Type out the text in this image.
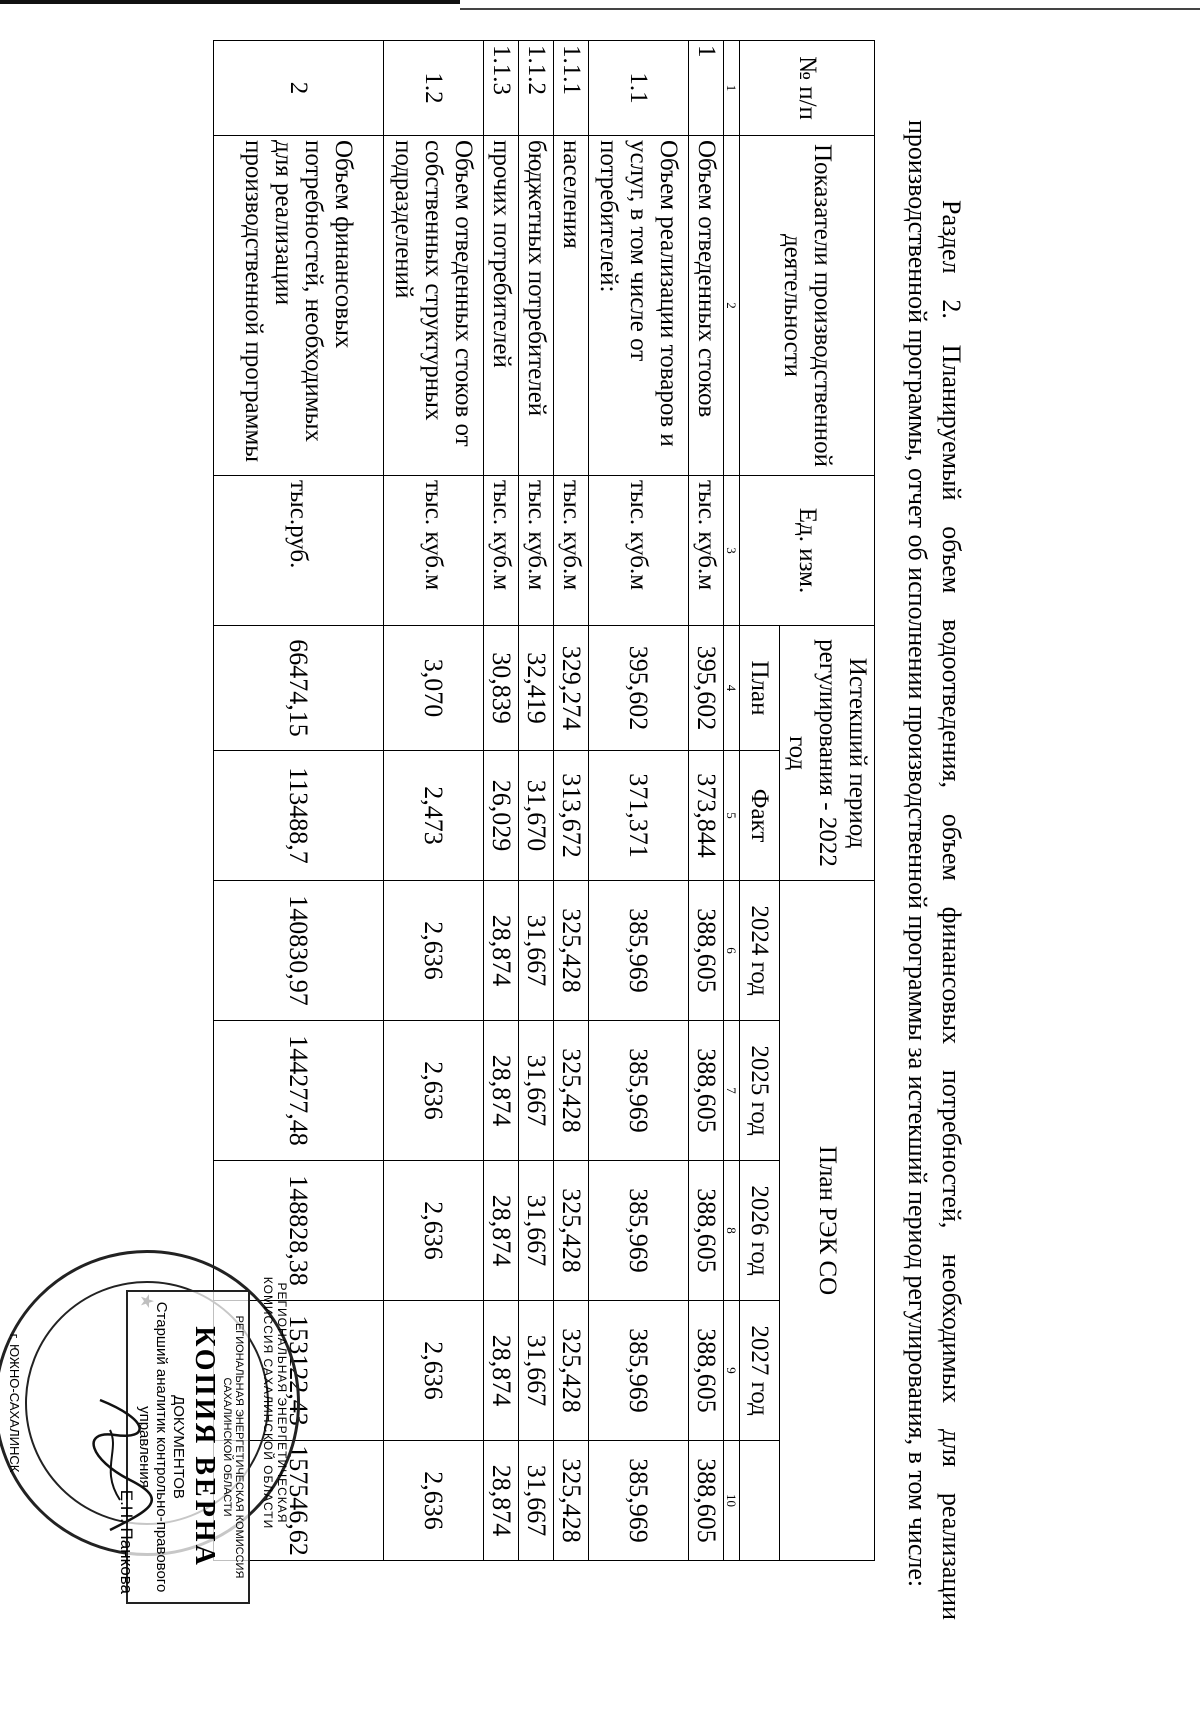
Раздел 2. Планируемый объем водоотведения, объем финансовых потребностей, необходимых для реализации производственной программы, отчет об исполнении производственной программы за истекший период регулирования, в том числе:
№ п/п	Показатели производственной деятельности	Ед. изм.	Истекший период регулирования - 2022 год		План РЭК СО				
			План	Факт	2024 год	2025 год	2026 год	2027 год	
1	2	3	4	5	6	7	8	9	10
1	Объем отведенных стоков	тыс. куб.м	395,602	373,844	388,605	388,605	388,605	388,605	388,605
1.1	Объем реализации товаров и услуг, в том числе от потребителей:	тыс. куб.м	395,602	371,371	385,969	385,969	385,969	385,969	385,969
1.1.1	населения	тыс. куб.м	329,274	313,672	325,428	325,428	325,428	325,428	325,428
1.1.2	бюджетных потребителей	тыс. куб.м	32,419	31,670	31,667	31,667	31,667	31,667	31,667
1.1.3	прочих потребителей	тыс. куб.м	30,839	26,029	28,874	28,874	28,874	28,874	28,874
1.2	Объем отведенных стоков от собственных структурных подразделений	тыс. куб.м	3,070	2,473	2,636	2,636	2,636	2,636	2,636
2	Объем финансовых потребностей, необходимых для реализации производственной программы	тыс.руб.	66474,15	113488,7	140830,97	144277,48	148828,38	153122,43	157546,62
РЕГИОНАЛЬНАЯ ЭНЕРГЕТИЧЕСКАЯ КОМИССИЯ САХАЛИНСКОЙ ОБЛАСТИ
г. ЮЖНО-САХАЛИНСК	РЕГИОНАЛЬНАЯ ЭНЕРГЕТИЧЕСКАЯ КОМИССИЯ САХАЛИНСКОЙ ОБЛАСТИ
КОПИЯ ВЕРНА
ДОКУМЕНТОВ
Старший аналитик контрольно-правового управления
Е.Н. Панкова
